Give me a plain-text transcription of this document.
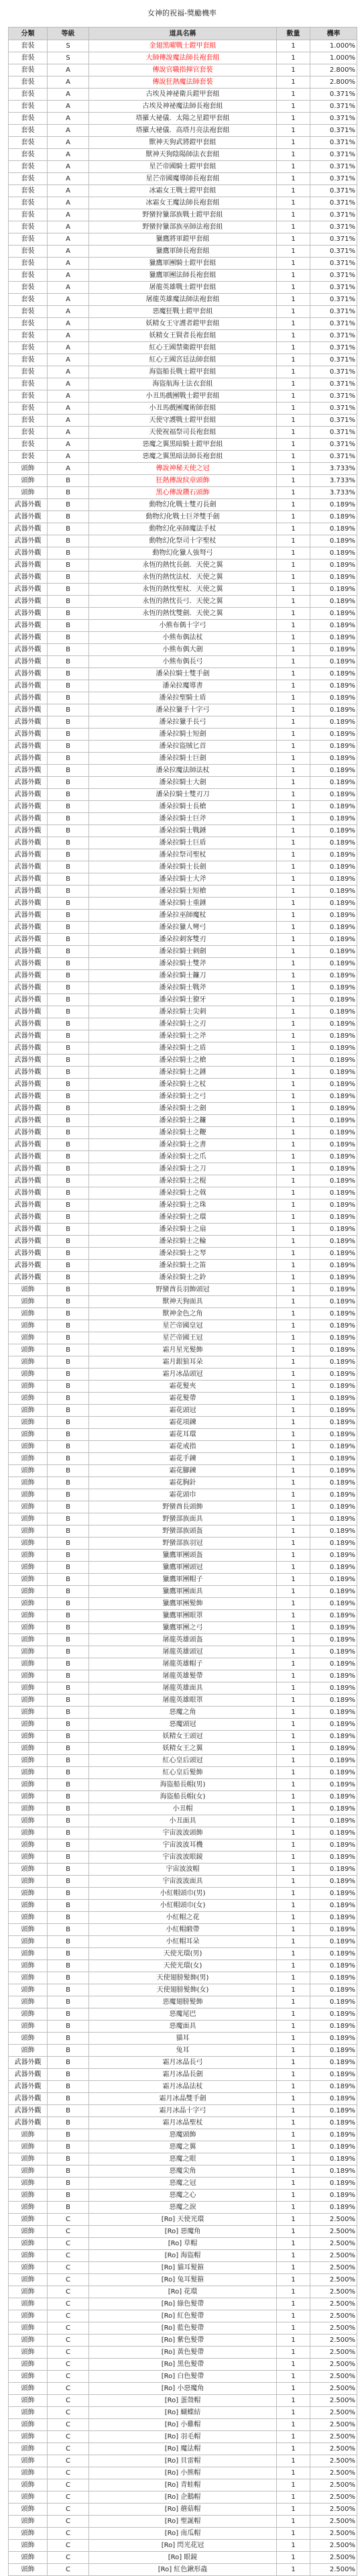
女神的祝福-獎勵機率
分類	等級	道具名稱	數量	機率
套裝	S	金翅黑曜戰士鎧甲套組	1	1.000%
套裝	S	大師傳說魔法師長袍套組	1	1.000%
套裝	A	傳說官職指揮官套裝	1	2.800%
套裝	A	傳說狂熱魔法師套裝	1	2.800%
套裝	A	古埃及神祕衛兵鎧甲套組	1	0.371%
套裝	A	古埃及神祕魔法師長袍套組	1	0.371%
套裝	A	塔羅大祕儀．太陽之星鎧甲套組	1	0.371%
套裝	A	塔羅大祕儀．高塔月亮法袍套組	1	0.371%
套裝	A	獸神天狗武將鎧甲套組	1	0.371%
套裝	A	獸神天狗陰陽師法衣套組	1	0.371%
套裝	A	星芒帝國騎士鎧甲套組	1	0.371%
套裝	A	星芒帝國魔導師長袍套組	1	0.371%
套裝	A	冰霜女王戰士鎧甲套組	1	0.371%
套裝	A	冰霜女王魔法師長袍套組	1	0.371%
套裝	A	野蠻狩獵部族戰士鎧甲套組	1	0.371%
套裝	A	野蠻狩獵部族巫師法袍套組	1	0.371%
套裝	A	獵鷹將軍鎧甲套組	1	0.371%
套裝	A	獵鷹軍師長袍套組	1	0.371%
套裝	A	獵鷹軍團騎士鎧甲套組	1	0.371%
套裝	A	獵鷹軍團法師長袍套組	1	0.371%
套裝	A	屠龍英雄戰士鎧甲套組	1	0.371%
套裝	A	屠龍英雄魔法師法袍套組	1	0.371%
套裝	A	惡魔狂戰士鎧甲套組	1	0.371%
套裝	A	妖精女王守護者鎧甲套組	1	0.371%
套裝	A	妖精女王賢者長袍套組	1	0.371%
套裝	A	紅心王國禁衛鎧甲套組	1	0.371%
套裝	A	紅心王國宮廷法師套組	1	0.371%
套裝	A	海盜船長戰士鎧甲套組	1	0.371%
套裝	A	海盜航海士法衣套組	1	0.371%
套裝	A	小丑馬戲團戰士鎧甲套組	1	0.371%
套裝	A	小丑馬戲團魔術師套組	1	0.371%
套裝	A	天使守護戰士鎧甲套組	1	0.371%
套裝	A	天使祝福祭司長袍套組	1	0.371%
套裝	A	惡魔之翼黑暗騎士鎧甲套組	1	0.371%
套裝	A	惡魔之翼黑暗法師長袍套組	1	0.371%
頭飾	A	傳說神秘天使之冠	1	3.733%
頭飾	B	狂熱傳說紋章頭飾	1	3.733%
頭飾	B	黑心傳說鑽石頭飾	1	3.733%
武器外觀	B	動物幻化戰士雙刃長劍	1	0.189%
武器外觀	B	動物幻化戰士巨斧雙手劍	1	0.189%
武器外觀	B	動物幻化巫師魔法手杖	1	0.189%
武器外觀	B	動物幻化祭司十字聖杖	1	0.189%
武器外觀	B	動物幻化獵人強弩弓	1	0.189%
武器外觀	B	永恆的熱忱長劍．天使之翼	1	0.189%
武器外觀	B	永恆的熱忱法杖．天使之翼	1	0.189%
武器外觀	B	永恆的熱忱聖杖．天使之翼	1	0.189%
武器外觀	B	永恆的熱忱長弓．天使之翼	1	0.189%
武器外觀	B	永恆的熱忱雙劍．天使之翼	1	0.189%
武器外觀	B	小熊布偶十字弓	1	0.189%
武器外觀	B	小熊布偶法杖	1	0.189%
武器外觀	B	小熊布偶大劍	1	0.189%
武器外觀	B	小熊布偶長弓	1	0.189%
武器外觀	B	潘朵拉騎士雙手劍	1	0.189%
武器外觀	B	潘朵拉魔導書	1	0.189%
武器外觀	B	潘朵拉聖騎士盾	1	0.189%
武器外觀	B	潘朵拉獵手十字弓	1	0.189%
武器外觀	B	潘朵拉獵手長弓	1	0.189%
武器外觀	B	潘朵拉騎士短劍	1	0.189%
武器外觀	B	潘朵拉盜賊匕首	1	0.189%
武器外觀	B	潘朵拉騎士巨劍	1	0.189%
武器外觀	B	潘朵拉魔法師法杖	1	0.189%
武器外觀	B	潘朵拉騎士大劍	1	0.189%
武器外觀	B	潘朵拉騎士雙刃刀	1	0.189%
武器外觀	B	潘朵拉騎士長槍	1	0.189%
武器外觀	B	潘朵拉騎士巨斧	1	0.189%
武器外觀	B	潘朵拉騎士戰錘	1	0.189%
武器外觀	B	潘朵拉騎士巨盾	1	0.189%
武器外觀	B	潘朵拉祭司聖杖	1	0.189%
武器外觀	B	潘朵拉騎士長劍	1	0.189%
武器外觀	B	潘朵拉騎士大斧	1	0.189%
武器外觀	B	潘朵拉騎士短槍	1	0.189%
武器外觀	B	潘朵拉騎士重錘	1	0.189%
武器外觀	B	潘朵拉巫師魔杖	1	0.189%
武器外觀	B	潘朵拉獵人彎弓	1	0.189%
武器外觀	B	潘朵拉刺客雙刃	1	0.189%
武器外觀	B	潘朵拉騎士刺劍	1	0.189%
武器外觀	B	潘朵拉騎士雙斧	1	0.189%
武器外觀	B	潘朵拉騎士鐮刀	1	0.189%
武器外觀	B	潘朵拉騎士戰斧	1	0.189%
武器外觀	B	潘朵拉騎士獠牙	1	0.189%
武器外觀	B	潘朵拉騎士尖刺	1	0.189%
武器外觀	B	潘朵拉騎士之刃	1	0.189%
武器外觀	B	潘朵拉騎士之斧	1	0.189%
武器外觀	B	潘朵拉騎士之盾	1	0.189%
武器外觀	B	潘朵拉騎士之槍	1	0.189%
武器外觀	B	潘朵拉騎士之錘	1	0.189%
武器外觀	B	潘朵拉騎士之杖	1	0.189%
武器外觀	B	潘朵拉騎士之弓	1	0.189%
武器外觀	B	潘朵拉騎士之劍	1	0.189%
武器外觀	B	潘朵拉騎士之鐮	1	0.189%
武器外觀	B	潘朵拉騎士之鞭	1	0.189%
武器外觀	B	潘朵拉騎士之書	1	0.189%
武器外觀	B	潘朵拉騎士之爪	1	0.189%
武器外觀	B	潘朵拉騎士之刀	1	0.189%
武器外觀	B	潘朵拉騎士之棍	1	0.189%
武器外觀	B	潘朵拉騎士之戟	1	0.189%
武器外觀	B	潘朵拉騎士之珠	1	0.189%
武器外觀	B	潘朵拉騎士之環	1	0.189%
武器外觀	B	潘朵拉騎士之扇	1	0.189%
武器外觀	B	潘朵拉騎士之輪	1	0.189%
武器外觀	B	潘朵拉騎士之琴	1	0.189%
武器外觀	B	潘朵拉騎士之笛	1	0.189%
武器外觀	B	潘朵拉騎士之鈴	1	0.189%
頭飾	B	野蠻酋長羽飾頭冠	1	0.189%
頭飾	B	獸神天狗面具	1	0.189%
頭飾	B	獸神金色之角	1	0.189%
頭飾	B	星芒帝國皇冠	1	0.189%
頭飾	B	星芒帝國王冠	1	0.189%
頭飾	B	霜月星光髮飾	1	0.189%
頭飾	B	霜月銀狼耳朵	1	0.189%
頭飾	B	霜月冰晶頭冠	1	0.189%
頭飾	B	霜花髮夾	1	0.189%
頭飾	B	霜花髮帶	1	0.189%
頭飾	B	霜花頭冠	1	0.189%
頭飾	B	霜花項鍊	1	0.189%
頭飾	B	霜花耳環	1	0.189%
頭飾	B	霜花戒指	1	0.189%
頭飾	B	霜花手鍊	1	0.189%
頭飾	B	霜花腳鍊	1	0.189%
頭飾	B	霜花胸針	1	0.189%
頭飾	B	霜花頭巾	1	0.189%
頭飾	B	野蠻酋長頭飾	1	0.189%
頭飾	B	野蠻部族面具	1	0.189%
頭飾	B	野蠻部族頭盔	1	0.189%
頭飾	B	野蠻部族羽冠	1	0.189%
頭飾	B	獵鷹軍團頭盔	1	0.189%
頭飾	B	獵鷹軍團頭冠	1	0.189%
頭飾	B	獵鷹軍團帽子	1	0.189%
頭飾	B	獵鷹軍團面具	1	0.189%
頭飾	B	獵鷹軍團髮飾	1	0.189%
頭飾	B	獵鷹軍團眼罩	1	0.189%
頭飾	B	獵鷹軍團之弓	1	0.189%
頭飾	B	屠龍英雄頭盔	1	0.189%
頭飾	B	屠龍英雄頭冠	1	0.189%
頭飾	B	屠龍英雄帽子	1	0.189%
頭飾	B	屠龍英雄髮帶	1	0.189%
頭飾	B	屠龍英雄面具	1	0.189%
頭飾	B	屠龍英雄眼罩	1	0.189%
頭飾	B	惡魔之角	1	0.189%
頭飾	B	惡魔頭冠	1	0.189%
頭飾	B	妖精女王頭冠	1	0.189%
頭飾	B	妖精女王之翼	1	0.189%
頭飾	B	紅心皇后頭冠	1	0.189%
頭飾	B	紅心皇后髮飾	1	0.189%
頭飾	B	海盜船長帽(男)	1	0.189%
頭飾	B	海盜船長帽(女)	1	0.189%
頭飾	B	小丑帽	1	0.189%
頭飾	B	小丑面具	1	0.189%
頭飾	B	宇宙波波頭飾	1	0.189%
頭飾	B	宇宙波波耳機	1	0.189%
頭飾	B	宇宙波波眼鏡	1	0.189%
頭飾	B	宇宙波波帽	1	0.189%
頭飾	B	宇宙波波面具	1	0.189%
頭飾	B	小紅帽頭巾(男)	1	0.189%
頭飾	B	小紅帽頭巾(女)	1	0.189%
頭飾	B	小紅帽之花	1	0.189%
頭飾	B	小紅帽緞帶	1	0.189%
頭飾	B	小紅帽耳朵	1	0.189%
頭飾	B	天使光環(男)	1	0.189%
頭飾	B	天使光環(女)	1	0.189%
頭飾	B	天使翅膀髮飾(男)	1	0.189%
頭飾	B	天使翅膀髮飾(女)	1	0.189%
頭飾	B	惡魔翅膀髮飾	1	0.189%
頭飾	B	惡魔尾巴	1	0.189%
頭飾	B	惡魔面具	1	0.189%
頭飾	B	貓耳	1	0.189%
頭飾	B	兔耳	1	0.189%
武器外觀	B	霜月冰晶長弓	1	0.189%
武器外觀	B	霜月冰晶長劍	1	0.189%
武器外觀	B	霜月冰晶法杖	1	0.189%
武器外觀	B	霜月冰晶雙手劍	1	0.189%
武器外觀	B	霜月冰晶十字弓	1	0.189%
武器外觀	B	霜月冰晶聖杖	1	0.189%
頭飾	B	惡魔頭飾	1	0.189%
頭飾	B	惡魔之翼	1	0.189%
頭飾	B	惡魔之眼	1	0.189%
頭飾	B	惡魔尖角	1	0.189%
頭飾	B	惡魔之冠	1	0.189%
頭飾	B	惡魔之心	1	0.189%
頭飾	B	惡魔之淚	1	0.189%
頭飾	C	[Ro] 天使光環	1	2.500%
頭飾	C	[Ro] 惡魔角	1	2.500%
頭飾	C	[Ro] 草帽	1	2.500%
頭飾	C	[Ro] 海盜帽	1	2.500%
頭飾	C	[Ro] 貓耳髮箍	1	2.500%
頭飾	C	[Ro] 兔耳髮箍	1	2.500%
頭飾	C	[Ro] 花環	1	2.500%
頭飾	C	[Ro] 綠色髮帶	1	2.500%
頭飾	C	[Ro] 紅色髮帶	1	2.500%
頭飾	C	[Ro] 藍色髮帶	1	2.500%
頭飾	C	[Ro] 紫色髮帶	1	2.500%
頭飾	C	[Ro] 黃色髮帶	1	2.500%
頭飾	C	[Ro] 黑色髮帶	1	2.500%
頭飾	C	[Ro] 白色髮帶	1	2.500%
頭飾	C	[Ro] 小惡魔角	1	2.500%
頭飾	C	[Ro] 蛋殼帽	1	2.500%
頭飾	C	[Ro] 蝴蝶結	1	2.500%
頭飾	C	[Ro] 小雞帽	1	2.500%
頭飾	C	[Ro] 羽毛帽	1	2.500%
頭飾	C	[Ro] 魔法帽	1	2.500%
頭飾	C	[Ro] 貝雷帽	1	2.500%
頭飾	C	[Ro] 小熊帽	1	2.500%
頭飾	C	[Ro] 青蛙帽	1	2.500%
頭飾	C	[Ro] 企鵝帽	1	2.500%
頭飾	C	[Ro] 蘑菇帽	1	2.500%
頭飾	C	[Ro] 聖誕帽	1	2.500%
頭飾	C	[Ro] 南瓜帽	1	2.500%
頭飾	C	[Ro] 閃光花冠	1	2.500%
頭飾	C	[Ro] 眼鏡	1	2.500%
頭飾	C	[Ro] 紅色鍬形蟲	1	2.500%
